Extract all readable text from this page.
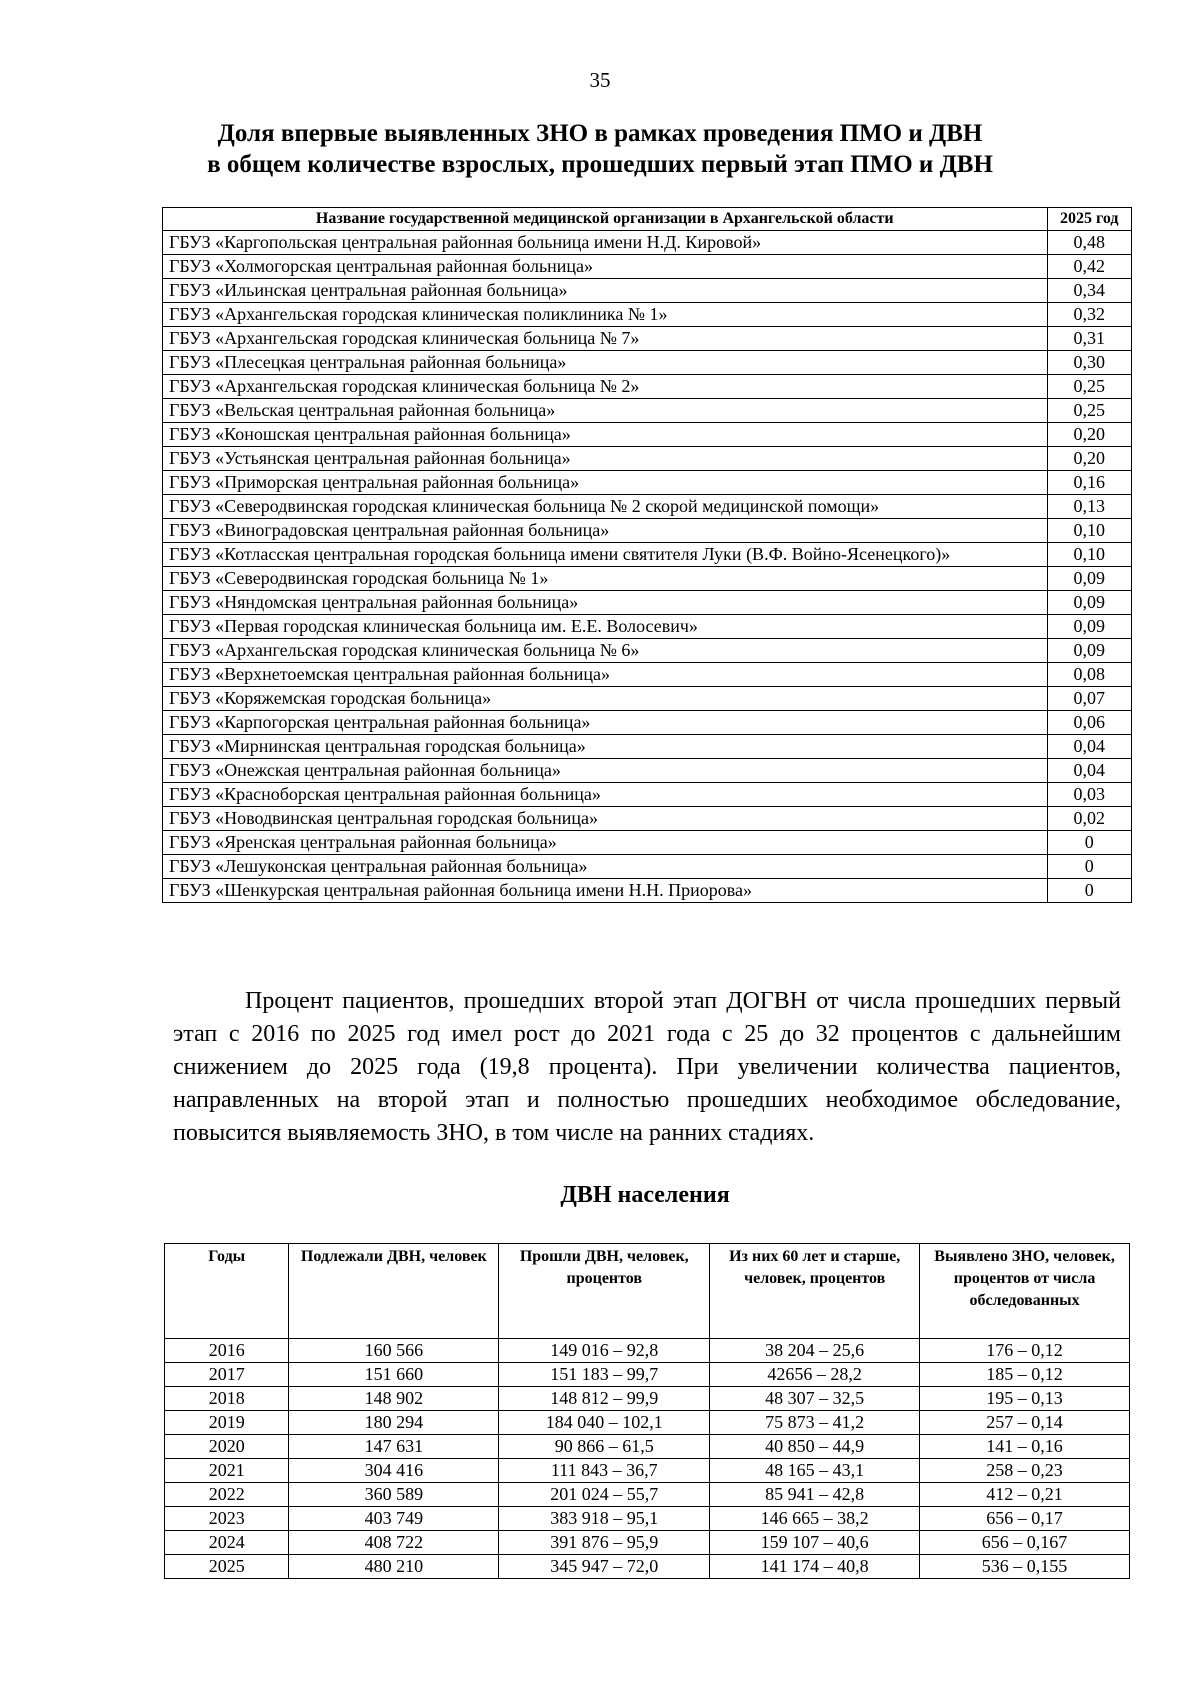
35
Доля впервые выявленных ЗНО в рамках проведения ПМО и ДВН
в общем количестве взрослых, прошедших первый этап ПМО и ДВН
Название государственной медицинской организации в Архангельской области	2025 год
ГБУЗ «Каргопольская центральная районная больница имени Н.Д. Кировой»	0,48
ГБУЗ «Холмогорская центральная районная больница»	0,42
ГБУЗ «Ильинская центральная районная больница»	0,34
ГБУЗ «Архангельская городская клиническая поликлиника № 1»	0,32
ГБУЗ «Архангельская городская клиническая больница № 7»	0,31
ГБУЗ «Плесецкая центральная районная больница»	0,30
ГБУЗ «Архангельская городская клиническая больница № 2»	0,25
ГБУЗ «Вельская центральная районная больница»	0,25
ГБУЗ «Коношская центральная районная больница»	0,20
ГБУЗ «Устьянская центральная районная больница»	0,20
ГБУЗ «Приморская центральная районная больница»	0,16
ГБУЗ «Северодвинская городская клиническая больница № 2 скорой медицинской помощи»	0,13
ГБУЗ «Виноградовская центральная районная больница»	0,10
ГБУЗ «Котласская центральная городская больница имени святителя Луки (В.Ф. Войно-Ясенецкого)»	0,10
ГБУЗ «Северодвинская городская больница № 1»	0,09
ГБУЗ «Няндомская центральная районная больница»	0,09
ГБУЗ «Первая городская клиническая больница им. Е.Е. Волосевич»	0,09
ГБУЗ «Архангельская городская клиническая больница № 6»	0,09
ГБУЗ «Верхнетоемская центральная районная больница»	0,08
ГБУЗ «Коряжемская городская больница»	0,07
ГБУЗ «Карпогорская центральная районная больница»	0,06
ГБУЗ «Мирнинская центральная городская больница»	0,04
ГБУЗ «Онежская центральная районная больница»	0,04
ГБУЗ «Красноборская центральная районная больница»	0,03
ГБУЗ «Новодвинская центральная городская больница»	0,02
ГБУЗ «Яренская центральная районная больница»	0
ГБУЗ «Лешуконская центральная районная больница»	0
ГБУЗ «Шенкурская центральная районная больница имени Н.Н. Приорова»	0

Процент пациентов, прошедших второй этап ДОГВН от числа прошедших первый этап с 2016 по 2025 год имел рост до 2021 года с 25 до 32 процентов с дальнейшим снижением до 2025 года (19,8 процента). При увеличении количества пациентов, направленных на второй этап и полностью прошедших необходимое обследование, повысится выявляемость ЗНО, в том числе на ранних стадиях.

ДВН населения
Годы	Подлежали ДВН, человек	Прошли ДВН, человек, процентов	Из них 60 лет и старше, человек, процентов	Выявлено ЗНО, человек, процентов от числа обследованных
2016	160 566	149 016 – 92,8	38 204 – 25,6	176 – 0,12
2017	151 660	151 183 – 99,7	42656 – 28,2	185 – 0,12
2018	148 902	148 812 – 99,9	48 307 – 32,5	195 – 0,13
2019	180 294	184 040 – 102,1	75 873 – 41,2	257 – 0,14
2020	147 631	90 866 – 61,5	40 850 – 44,9	141 – 0,16
2021	304 416	111 843 – 36,7	48 165 – 43,1	258 – 0,23
2022	360 589	201 024 – 55,7	85 941 – 42,8	412 – 0,21
2023	403 749	383 918 – 95,1	146 665 – 38,2	656 – 0,17
2024	408 722	391 876 – 95,9	159 107 – 40,6	656 – 0,167
2025	480 210	345 947 – 72,0	141 174 – 40,8	536 – 0,155
